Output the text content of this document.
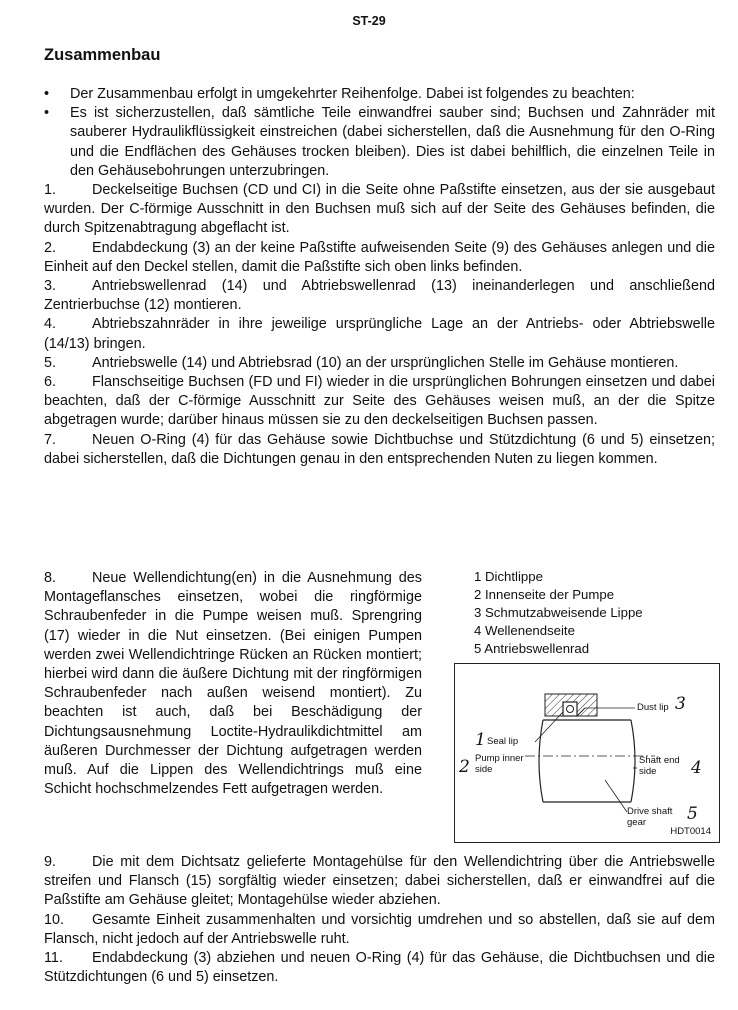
ST-29
Zusammenbau

• Der Zusammenbau erfolgt in umgekehrter Reihenfolge. Dabei ist folgendes zu beachten:

• Es ist sicherzustellen, daß sämtliche Teile einwandfrei sauber sind; Buchsen und Zahnräder mit sauberer Hydraulikflüssigkeit einstreichen (dabei sicherstellen, daß die Ausnehmung für den O-Ring und die Endflächen des Gehäuses trocken bleiben). Dies ist dabei behilflich, die einzelnen Teile in den Gehäusebohrungen unterzubringen.

1. Deckelseitige Buchsen (CD und CI) in die Seite ohne Paßstifte einsetzen, aus der sie ausgebaut wurden. Der C-förmige Ausschnitt in den Buchsen muß sich auf der Seite des Gehäuses befinden, die durch Spitzenabtragung abgeflacht ist.

2. Endabdeckung (3) an der keine Paßstifte aufweisenden Seite (9) des Gehäuses anlegen und die Einheit auf den Deckel stellen, damit die Paßstifte sich oben links befinden.

3. Antriebswellenrad (14) und Abtriebswellenrad (13) ineinanderlegen und anschließend Zentrierbuchse (12) montieren.

4. Abtriebszahnräder in ihre jeweilige ursprüngliche Lage an der Antriebs- oder Abtriebswelle (14/13) bringen.

5. Antriebswelle (14) und Abtriebsrad (10) an der ursprünglichen Stelle im Gehäuse montieren.

6. Flanschseitige Buchsen (FD und FI) wieder in die ursprünglichen Bohrungen einsetzen und dabei beachten, daß der C-förmige Ausschnitt zur Seite des Gehäuses weisen muß, an der die Spitze abgetragen wurde; darüber hinaus müssen sie zu den deckelseitigen Buchsen passen.

7. Neuen O-Ring (4) für das Gehäuse sowie Dichtbuchse und Stützdichtung (6 und 5) einsetzen; dabei sicherstellen, daß die Dichtungen genau in den entsprechenden Nuten zu liegen kommen.

8. Neue Wellendichtung(en) in die Ausnehmung des Montageflansches einsetzen, wobei die ringförmige Schraubenfeder in die Pumpe weisen muß. Sprengring (17) wieder in die Nut einsetzen. (Bei einigen Pumpen werden zwei Wellendichtringe Rücken an Rücken montiert; hierbei wird dann die äußere Dichtung mit der ringförmigen Schraubenfeder nach außen weisend montiert). Zu beachten ist auch, daß bei Beschädigung der Dichtungsausnehmung Loctite-Hydraulikdichtmittel am äußeren Durchmesser der Dichtung aufgetragen werden muß. Auf die Lippen des Wellendichtrings muß eine Schicht hochschmelzendes Fett aufgetragen werden.

1 Dichtlippe
2 Innenseite der Pumpe
3 Schmutzabweisende Lippe
4 Wellenendseite
5 Antriebswellenrad
Dust lip 3
Seal lip
1
Pump inner
side
2	Shaft end
side	4
Drive shaft
gear	5
HDT0014

9. Die mit dem Dichtsatz gelieferte Montagehülse für den Wellendichtring über die Antriebswelle streifen und Flansch (15) sorgfältig wieder einsetzen; dabei sicherstellen, daß er einwandfrei auf die Paßstifte am Gehäuse gleitet; Montagehülse wieder abziehen.

10. Gesamte Einheit zusammenhalten und vorsichtig umdrehen und so abstellen, daß sie auf dem Flansch, nicht jedoch auf der Antriebswelle ruht.

11. Endabdeckung (3) abziehen und neuen O-Ring (4) für das Gehäuse, die Dichtbuchsen und die Stützdichtungen (6 und 5) einsetzen.
